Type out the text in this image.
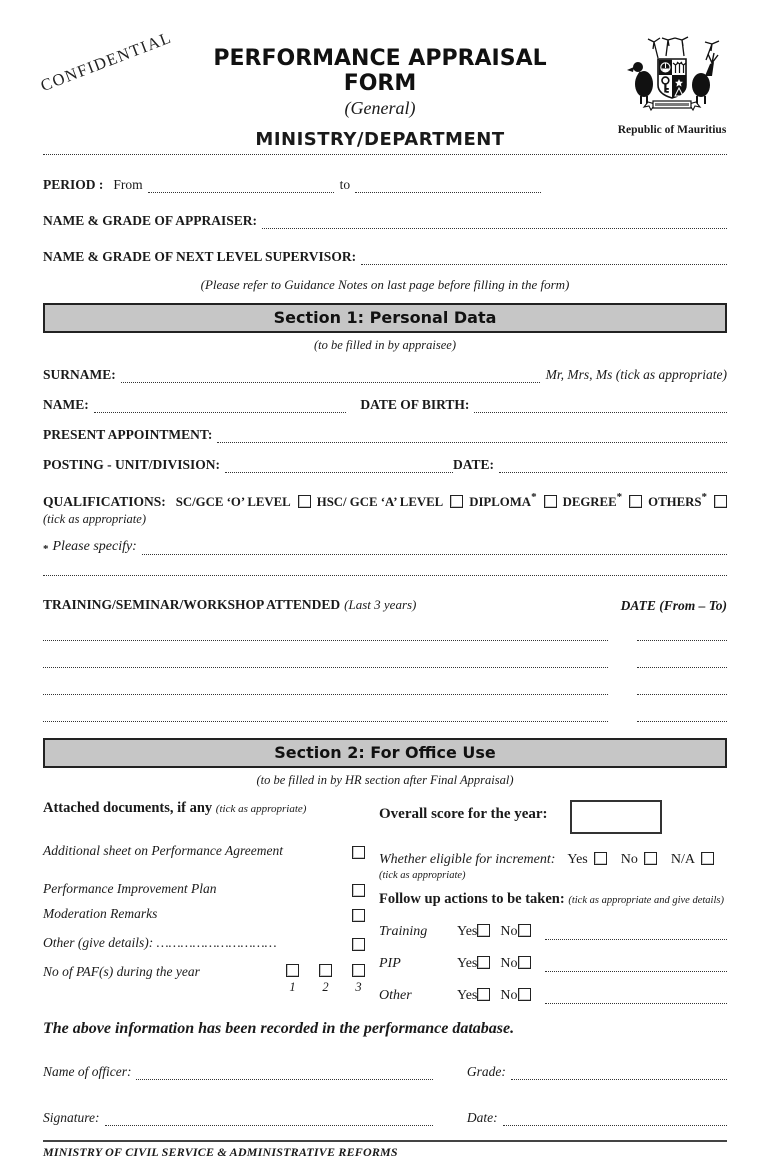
CONFIDENTIAL	PERFORMANCE APPRAISAL FORM
(General)
MINISTRY/DEPARTMENT	Republic of Mauritius
PERIOD : From	to
NAME & GRADE OF APPRAISER:
NAME & GRADE OF NEXT LEVEL SUPERVISOR:
(Please refer to Guidance Notes on last page before filling in the form)
Section 1: Personal Data
(to be filled in by appraisee)
SURNAME:	Mr, Mrs, Ms (tick as appropriate)
NAME:	DATE OF BIRTH:
PRESENT APPOINTMENT:
POSTING - UNIT/DIVISION:	DATE:
QUALIFICATIONS: SC/GCE ‘O’ LEVEL	HSC/ GCE ‘A’ LEVEL	DIPLOMA*	DEGREE*	OTHERS*
(tick as appropriate)
* Please specify:
TRAINING/SEMINAR/WORKSHOP ATTENDED (Last 3 years)	DATE (From – To)
Section 2: For Office Use
(to be filled in by HR section after Final Appraisal)
Attached documents, if any (tick as appropriate)
Additional sheet on Performance Agreement
Performance Improvement Plan
Moderation Remarks
Other (give details): …………………………
No of PAF(s) during the year
1 2 3
Overall score for the year:
Whether eligible for increment: Yes	No	N/A
(tick as appropriate)
Follow up actions to be taken: (tick as appropriate and give details)
Training	Yes	No
PIP	Yes	No
Other	Yes	No
The above information has been recorded in the performance database.
Name of officer:	Grade:
Signature:	Date:
MINISTRY OF CIVIL SERVICE & ADMINISTRATIVE REFORMS
